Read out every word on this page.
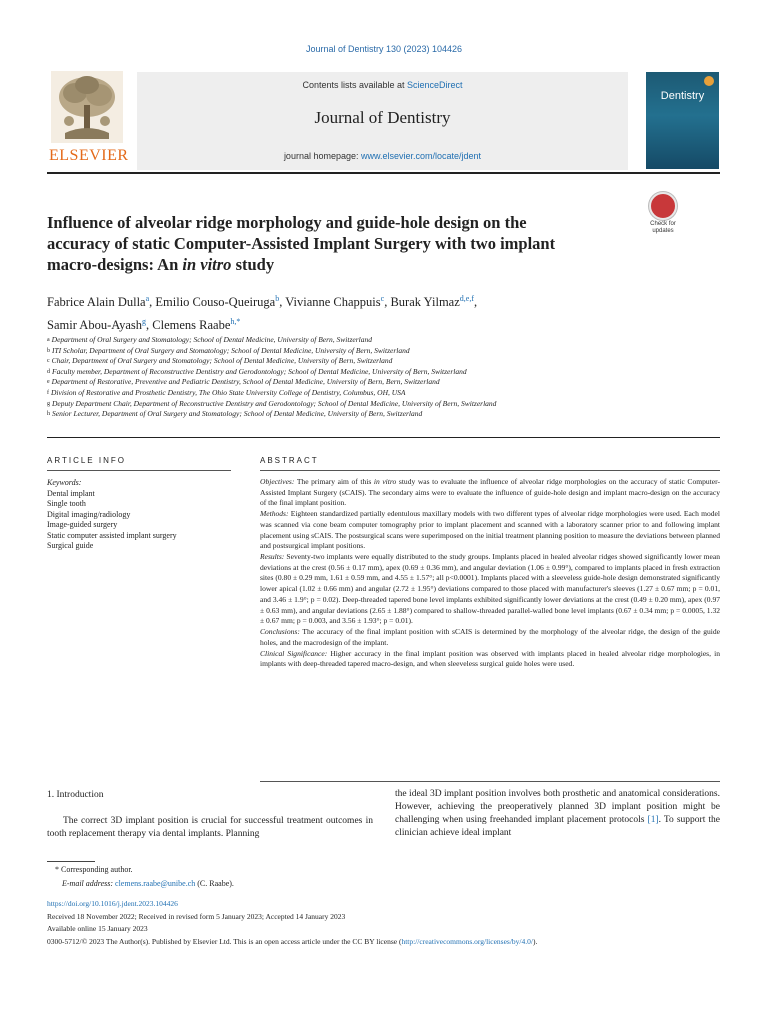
Journal of Dentistry 130 (2023) 104426
ELSEVIER
Contents lists available at ScienceDirect
Journal of Dentistry
journal homepage: www.elsevier.com/locate/jdent
Dentistry
Influence of alveolar ridge morphology and guide-hole design on the
accuracy of static Computer-Assisted Implant Surgery with two implant
macro-designs: An in vitro study
Check for updates
Fabrice Alain Dulla$^a$, Emilio Couso-Queiruga$^b$, Vivianne Chappuis$^c$, Burak Yilmaz$^{d,e,f}$,
Samir Abou-Ayash$^g$, Clemens Raabe$^{h,*}$
$^a$ Department of Oral Surgery and Stomatology; School of Dental Medicine, University of Bern, Switzerland
$^b$ ITI Scholar, Department of Oral Surgery and Stomatology; School of Dental Medicine, University of Bern, Switzerland
$^c$ Chair, Department of Oral Surgery and Stomatology; School of Dental Medicine, University of Bern, Switzerland
$^d$ Faculty member, Department of Reconstructive Dentistry and Gerodontology; School of Dental Medicine, University of Bern, Switzerland
$^e$ Department of Restorative, Preventive and Pediatric Dentistry, School of Dental Medicine, University of Bern, Bern, Switzerland
$^f$ Division of Restorative and Prosthetic Dentistry, The Ohio State University College of Dentistry, Columbus, OH, USA
$^g$ Deputy Department Chair, Department of Reconstructive Dentistry and Gerodontology; School of Dental Medicine, University of Bern, Switzerland
$^h$ Senior Lecturer, Department of Oral Surgery and Stomatology; School of Dental Medicine, University of Bern, Switzerland
ARTICLE INFO
Keywords:
Dental implant
Single tooth
Digital imaging/radiology
Image-guided surgery
Static computer assisted implant surgery
Surgical guide
ABSTRACT

Objectives: The primary aim of this in vitro study was to evaluate the influence of alveolar ridge morphologies on the accuracy of static Computer-Assisted Implant Surgery (sCAIS). The secondary aims were to evaluate the influence of guide-hole design and implant macro-design on the accuracy of the final implant position.

Methods: Eighteen standardized partially edentulous maxillary models with two different types of alveolar ridge morphologies were used. Each model was scanned via cone beam computer tomography prior to implant placement and scanned with a laboratory scanner prior to and following implant placement using sCAIS. The postsurgical scans were superimposed on the initial treatment planning position to measure the deviations between planned and postsurgical implant positions.

Results: Seventy-two implants were equally distributed to the study groups. Implants placed in healed alveolar ridges showed significantly lower mean deviations at the crest (0.56 ± 0.17 mm), apex (0.69 ± 0.36 mm), and angular deviation (1.06 ± 0.99°), compared to implants placed in fresh extraction sites (0.80 ± 0.29 mm, 1.61 ± 0.59 mm, and 4.55 ± 1.57°; all p<0.0001). Implants placed with a sleeveless guide-hole design demonstrated significantly lower apical (1.02 ± 0.66 mm) and angular (2.72 ± 1.95°) deviations compared to those placed with manufacturer's sleeves (1.27 ± 0.67 mm; p = 0.01, and 3.46 ± 1.9°; p = 0.02). Deep-threaded tapered bone level implants exhibited significantly lower deviations at the crest (0.49 ± 0.20 mm), apex (0.97 ± 0.63 mm), and angular deviations (2.65 ± 1.88°) compared to shallow-threaded parallel-walled bone level implants (0.67 ± 0.34 mm; p = 0.0005, 1.32 ± 0.67 mm; p = 0.003, and 3.56 ± 1.93°; p = 0.01).

Conclusions: The accuracy of the final implant position with sCAIS is determined by the morphology of the alveolar ridge, the design of the guide holes, and the macrodesign of the implant.

Clinical Significance: Higher accuracy in the final implant position was observed with implants placed in healed alveolar ridge morphologies, in implants with deep-threaded tapered macro-design, and when sleeveless surgical guide holes were used.

1. Introduction

The correct 3D implant position is crucial for successful treatment outcomes in tooth replacement therapy via dental implants. Planning

the ideal 3D implant position involves both prosthetic and anatomical considerations. However, achieving the preoperatively planned 3D implant position might be challenging when using freehanded implant placement protocols [1]. To support the clinician achieve ideal implant

* Corresponding author.
E-mail address: clemens.raabe@unibe.ch (C. Raabe).
https://doi.org/10.1016/j.jdent.2023.104426
Received 18 November 2022; Received in revised form 5 January 2023; Accepted 14 January 2023
Available online 15 January 2023
0300-5712/© 2023 The Author(s). Published by Elsevier Ltd. This is an open access article under the CC BY license (http://creativecommons.org/licenses/by/4.0/).
